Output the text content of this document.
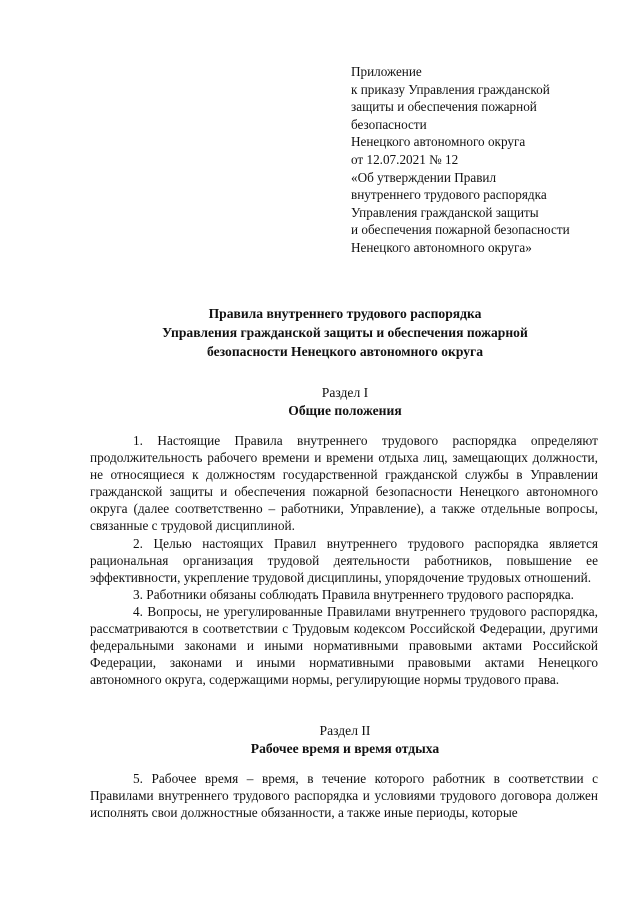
Приложение
к приказу Управления гражданской
защиты и обеспечения пожарной
безопасности
Ненецкого автономного округа
от 12.07.2021 № 12
«Об утверждении Правил
внутреннего трудового распорядка
Управления гражданской защиты
и обеспечения пожарной безопасности
Ненецкого автономного округа»
Правила внутреннего трудового распорядка
Управления гражданской защиты и обеспечения пожарной
безопасности Ненецкого автономного округа
Раздел I
Общие положения

1. Настоящие Правила внутреннего трудового распорядка определяют продолжительность рабочего времени и времени отдыха лиц, замещающих должности, не относящиеся к должностям государственной гражданской службы в Управлении гражданской защиты и обеспечения пожарной безопасности Ненецкого автономного округа (далее соответственно – работники, Управление), а также отдельные вопросы, связанные с трудовой дисциплиной.

2. Целью настоящих Правил внутреннего трудового распорядка является рациональная организация трудовой деятельности работников, повышение ее эффективности, укрепление трудовой дисциплины, упорядочение трудовых отношений.

3. Работники обязаны соблюдать Правила внутреннего трудового распорядка.

4. Вопросы, не урегулированные Правилами внутреннего трудового распорядка, рассматриваются в соответствии с Трудовым кодексом Российской Федерации, другими федеральными законами и иными нормативными правовыми актами Российской Федерации, законами и иными нормативными правовыми актами Ненецкого автономного округа, содержащими нормы, регулирующие нормы трудового права.

Раздел II
Рабочее время и время отдыха

5. Рабочее время – время, в течение которого работник в соответствии с Правилами внутреннего трудового распорядка и условиями трудового договора должен исполнять свои должностные обязанности, а также иные периоды, которые
